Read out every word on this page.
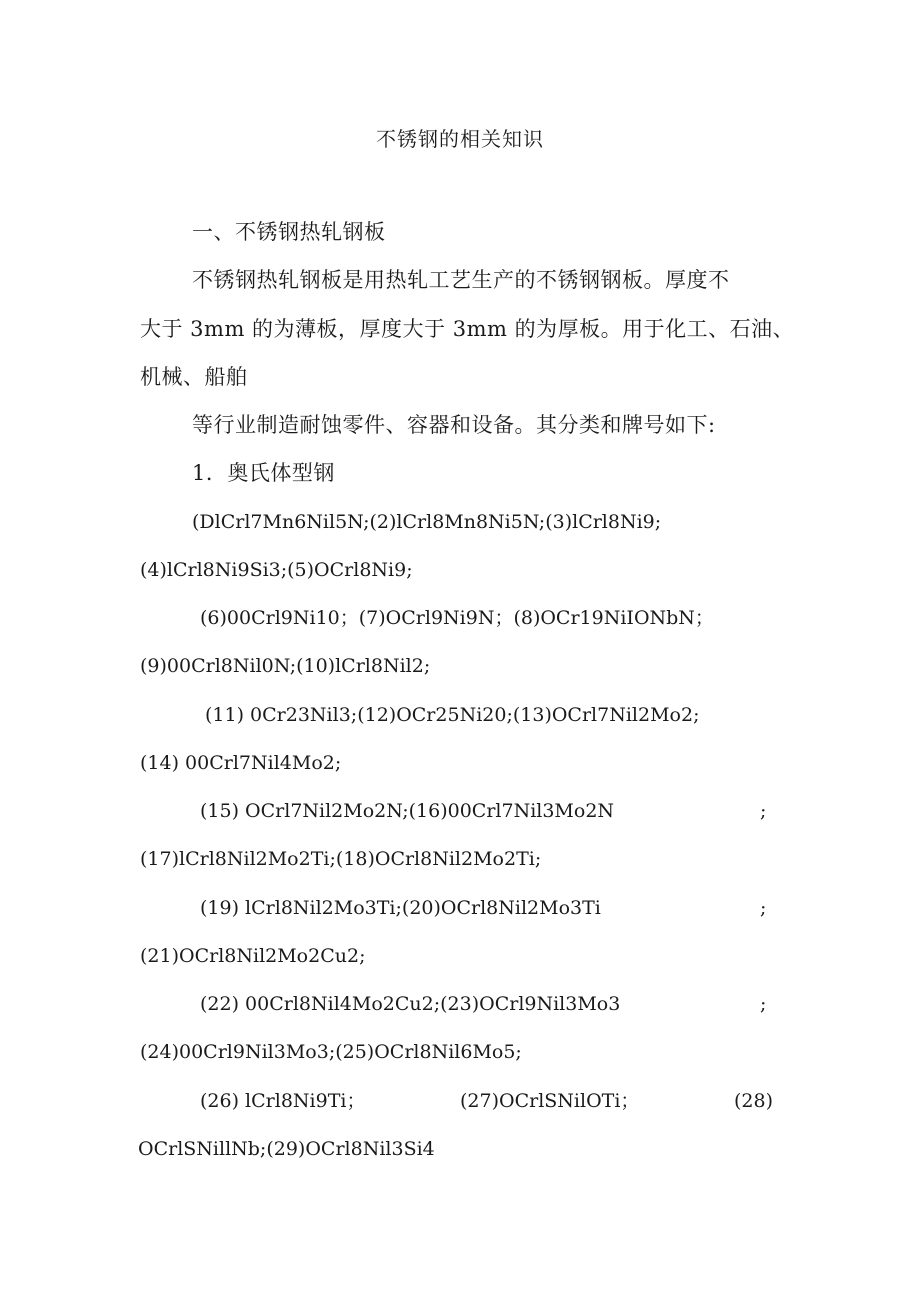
不锈钢的相关知识
一、不锈钢热轧钢板
不锈钢热轧钢板是用热轧工艺生产的不锈钢钢板。厚度不
大于 3mm 的为薄板，厚度大于 3mm 的为厚板。用于化工、石油、
机械、船舶
等行业制造耐蚀零件、容器和设备。其分类和牌号如下:
1．奥氏体型钢
(DlCrl7Mn6Nil5N;(2)lCrl8Mn8Ni5N;(3)lCrl8Ni9;
(4)lCrl8Ni9Si3;(5)OCrl8Ni9;
(6)00Crl9Ni10；(7)OCrl9Ni9N；(8)OCr19NiIONbN；
(9)00Crl8Nil0N;(10)lCrl8Nil2;
(11) 0Cr23Nil3;(12)OCr25Ni20;(13)OCrl7Nil2Mo2;
(14) 00Crl7Nil4Mo2;
(15) OCrl7Nil2Mo2N;(16)00Crl7Nil3Mo2N	;
(17)lCrl8Nil2Mo2Ti;(18)OCrl8Nil2Mo2Ti;
(19) lCrl8Nil2Mo3Ti;(20)OCrl8Nil2Mo3Ti	;
(21)OCrl8Nil2Mo2Cu2;
(22) 00Crl8Nil4Mo2Cu2;(23)OCrl9Nil3Mo3	;
(24)00Crl9Nil3Mo3;(25)OCrl8Nil6Mo5;
(26) lCrl8Ni9Ti；	(27)OCrlSNilOTi；	(28)
OCrlSNillNb;(29)OCrl8Nil3Si4
